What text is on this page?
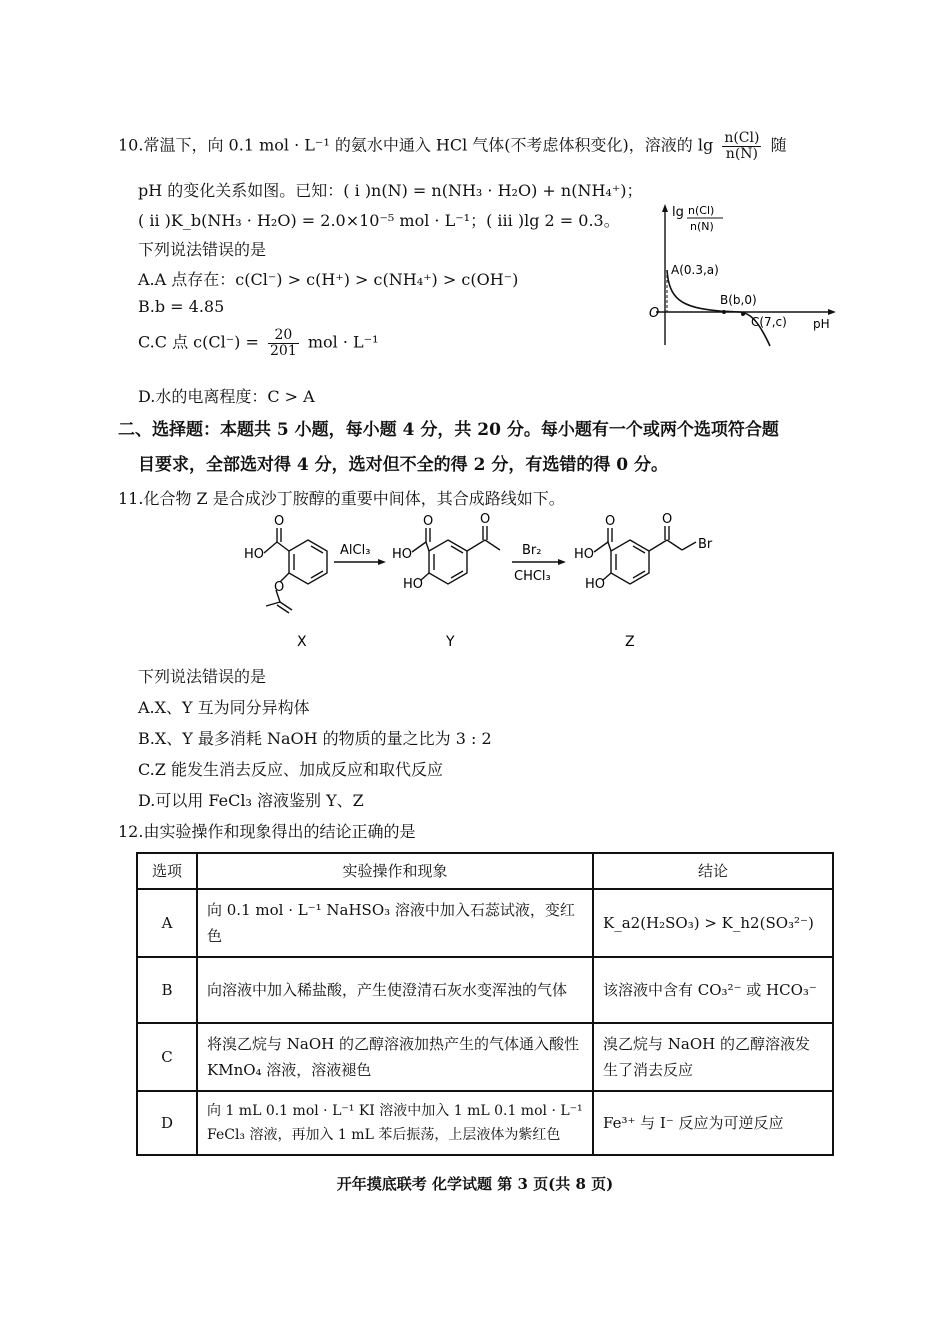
10.常温下，向 0.1 mol · L⁻¹ 的氨水中通入 HCl 气体(不考虑体积变化)，溶液的 $\lg \frac{n(Cl)}{n(N)}$ 随
pH 的变化关系如图。已知：( ⅰ )n(N) = n(NH₃ · H₂O) + n(NH₄⁺)；
( ⅱ )K_b(NH₃ · H₂O) = 2.0×10⁻⁵ mol · L⁻¹；( ⅲ )lg 2 = 0.3。
下列说法错误的是
A.A 点存在：c(Cl⁻) > c(H⁺) > c(NH₄⁺) > c(OH⁻)
B.b = 4.85
C.C 点 $c(Cl^-) = \frac{20}{201}$ mol · L⁻¹
D.水的电离程度：C > A
lg n(Cl)
n(N)
A(0.3,a)
B(b,0)
C(7,c)
O
pH
二、选择题：本题共 5 小题，每小题 4 分，共 20 分。每小题有一个或两个选项符合题
目要求，全部选对得 4 分，选对但不全的得 2 分，有选错的得 0 分。
11.化合物 Z 是合成沙丁胺醇的重要中间体，其合成路线如下。
O
HO
O
O
HO
HO
O	O
HO
HO
O
Br
AlCl₃	Br₂
CHCl₃
X	Y	Z
下列说法错误的是
A.X、Y 互为同分异构体
B.X、Y 最多消耗 NaOH 的物质的量之比为 3 : 2
C.Z 能发生消去反应、加成反应和取代反应
D.可以用 FeCl₃ 溶液鉴别 Y、Z
12.由实验操作和现象得出的结论正确的是
选项	实验操作和现象	结论
A	向 0.1 mol · L⁻¹ NaHSO₃ 溶液中加入石蕊试液，变红色	K_a2(H₂SO₃) > K_h2(SO₃²⁻)
B	向溶液中加入稀盐酸，产生使澄清石灰水变浑浊的气体	该溶液中含有 CO₃²⁻ 或 HCO₃⁻
C	将溴乙烷与 NaOH 的乙醇溶液加热产生的气体通入酸性 KMnO₄ 溶液，溶液褪色	溴乙烷与 NaOH 的乙醇溶液发生了消去反应
D	向 1 mL 0.1 mol · L⁻¹ KI 溶液中加入 1 mL 0.1 mol · L⁻¹ FeCl₃ 溶液，再加入 1 mL 苯后振荡，上层液体为紫红色	Fe³⁺ 与 I⁻ 反应为可逆反应
开年摸底联考 化学试题 第 3 页(共 8 页)
